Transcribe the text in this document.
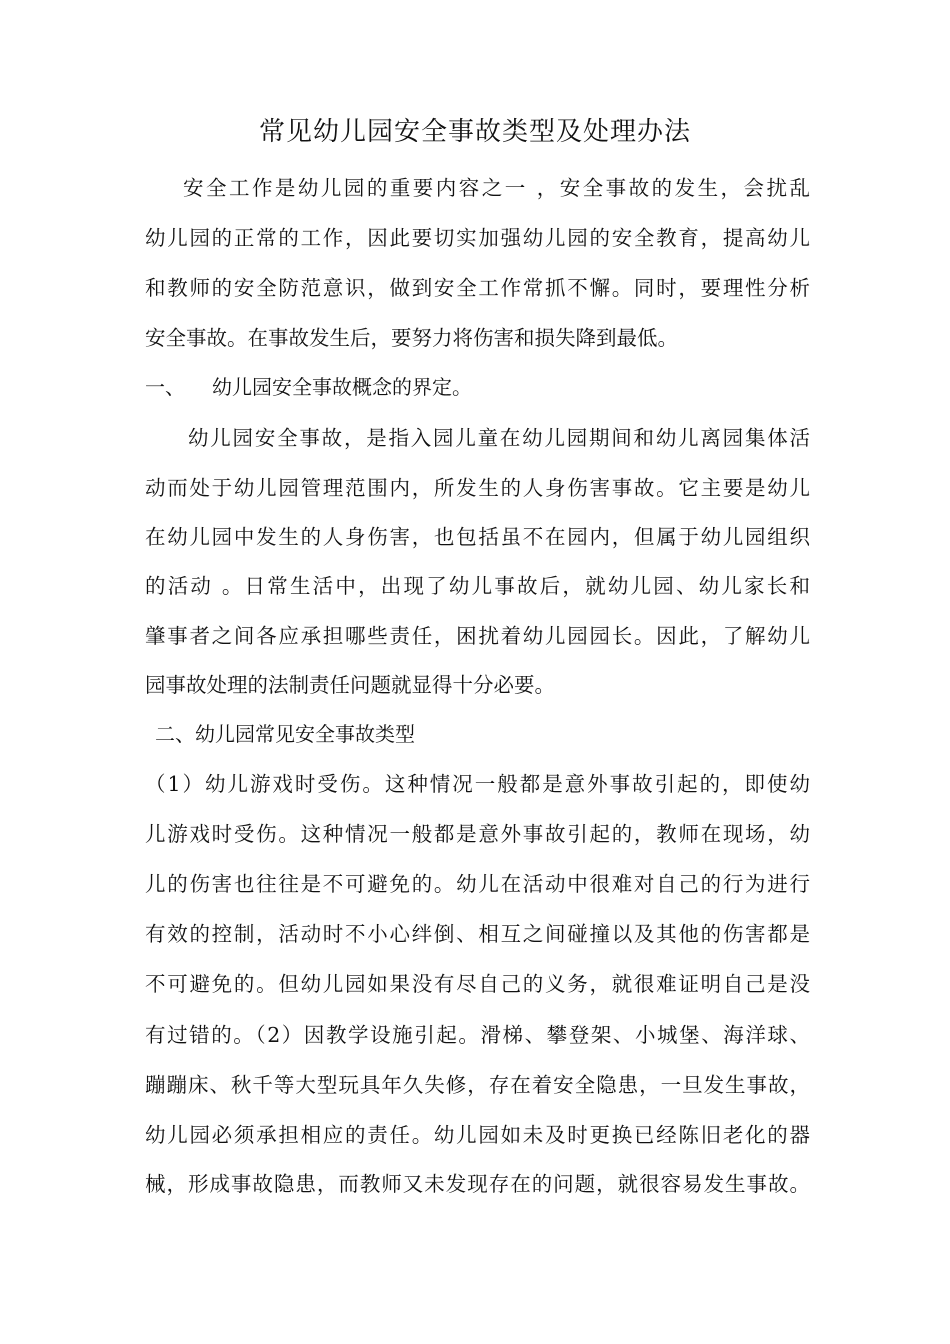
常见幼儿园安全事故类型及处理办法
安全工作是幼儿园的重要内容之一 ，安全事故的发生，会扰乱
幼儿园的正常的工作，因此要切实加强幼儿园的安全教育，提高幼儿
和教师的安全防范意识，做到安全工作常抓不懈。同时，要理性分析
安全事故。在事故发生后，要努力将伤害和损失降到最低。
一、 幼儿园安全事故概念的界定。
幼儿园安全事故，是指入园儿童在幼儿园期间和幼儿离园集体活
动而处于幼儿园管理范围内，所发生的人身伤害事故。它主要是幼儿
在幼儿园中发生的人身伤害，也包括虽不在园内，但属于幼儿园组织
的活动 。日常生活中，出现了幼儿事故后，就幼儿园、幼儿家长和
肇事者之间各应承担哪些责任，困扰着幼儿园园长。因此，了解幼儿
园事故处理的法制责任问题就显得十分必要。
二、幼儿园常见安全事故类型
（1）幼儿游戏时受伤。这种情况一般都是意外事故引起的，即使幼
儿游戏时受伤。这种情况一般都是意外事故引起的，教师在现场，幼
儿的伤害也往往是不可避免的。幼儿在活动中很难对自己的行为进行
有效的控制，活动时不小心绊倒、相互之间碰撞以及其他的伤害都是
不可避免的。但幼儿园如果没有尽自己的义务，就很难证明自己是没
有过错的。（2）因教学设施引起。滑梯、攀登架、小城堡、海洋球、
蹦蹦床、秋千等大型玩具年久失修，存在着安全隐患，一旦发生事故，
幼儿园必须承担相应的责任。幼儿园如未及时更换已经陈旧老化的器
械，形成事故隐患，而教师又未发现存在的问题，就很容易发生事故。
